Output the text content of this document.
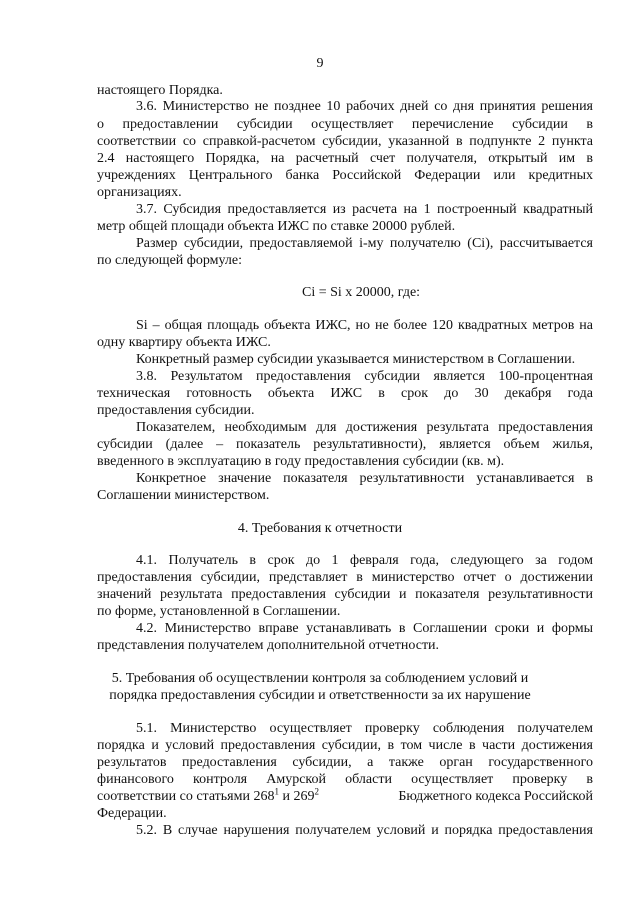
9
настоящего Порядка.
3.6. Министерство не позднее 10 рабочих дней со дня принятия решения
о предоставлении субсидии осуществляет перечисление субсидии в
соответствии со справкой-расчетом субсидии, указанной в подпункте 2 пункта
2.4 настоящего Порядка, на расчетный счет получателя, открытый им в
учреждениях Центрального банка Российской Федерации или кредитных
организациях.
3.7. Субсидия предоставляется из расчета на 1 построенный квадратный
метр общей площади объекта ИЖС по ставке 20000 рублей.
Размер субсидии, предоставляемой i-му получателю (Ci), рассчитывается
по следующей формуле:
Ci = Si x 20000, где:
Si – общая площадь объекта ИЖС, но не более 120 квадратных метров на
одну квартиру объекта ИЖС.
Конкретный размер субсидии указывается министерством в Соглашении.
3.8. Результатом предоставления субсидии является 100-процентная
техническая готовность объекта ИЖС в срок до 30 декабря года
предоставления субсидии.
Показателем, необходимым для достижения результата предоставления
субсидии (далее – показатель результативности), является объем жилья,
введенного в эксплуатацию в году предоставления субсидии (кв. м).
Конкретное значение показателя результативности устанавливается в
Соглашении министерством.
4. Требования к отчетности
4.1. Получатель в срок до 1 февраля года, следующего за годом
предоставления субсидии, представляет в министерство отчет о достижении
значений результата предоставления субсидии и показателя результативности
по форме, установленной в Соглашении.
4.2. Министерство вправе устанавливать в Соглашении сроки и формы
представления получателем дополнительной отчетности.
5. Требования об осуществлении контроля за соблюдением условий и
порядка предоставления субсидии и ответственности за их нарушение
5.1. Министерство осуществляет проверку соблюдения получателем
порядка и условий предоставления субсидии, в том числе в части достижения
результатов предоставления субсидии, а также орган государственного
финансового контроля Амурской области осуществляет проверку в
соответствии со статьями $268^1$ и $269^2$	Бюджетного кодекса Российской
Федерации.
5.2. В случае нарушения получателем условий и порядка предоставления
